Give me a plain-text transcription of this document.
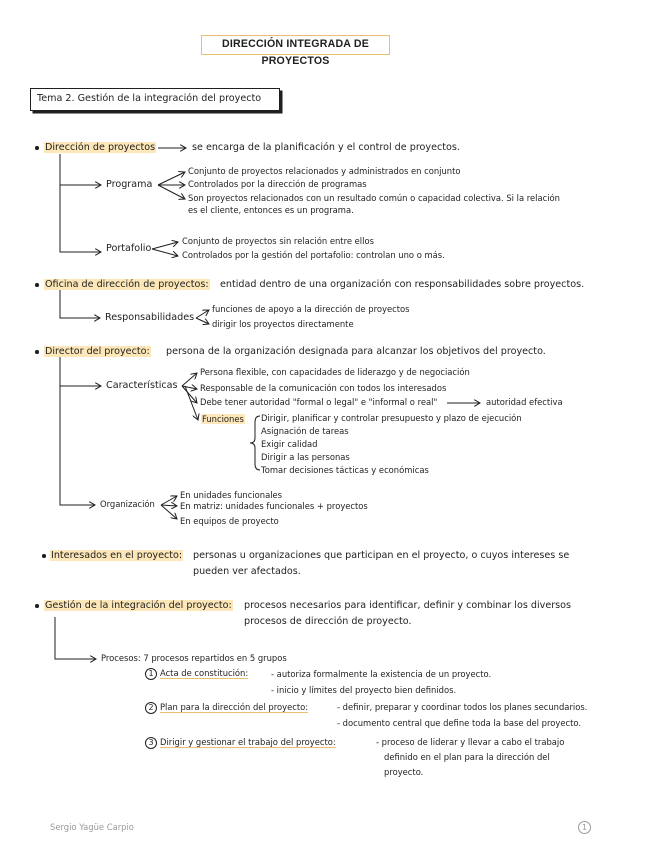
DIRECCIÓN INTEGRADA DE PROYECTOS
Tema 2. Gestión de la integración del proyecto
Dirección de proyectos	se encarga de la planificación y el control de proyectos.
Programa
Conjunto de proyectos relacionados y administrados en conjunto
Controlados por la dirección de programas
Son proyectos relacionados con un resultado común o capacidad colectiva. Si la relación
es el cliente, entonces es un programa.
Portafolio
Conjunto de proyectos sin relación entre ellos
Controlados por la gestión del portafolio: controlan uno o más.
Oficina de dirección de proyectos: entidad dentro de una organización con responsabilidades sobre proyectos.
Responsabilidades
funciones de apoyo a la dirección de proyectos
dirigir los proyectos directamente
Director del proyecto: persona de la organización designada para alcanzar los objetivos del proyecto.
Características
Persona flexible, con capacidades de liderazgo y de negociación
Responsable de la comunicación con todos los interesados
Debe tener autoridad "formal o legal" e "informal o real"	autoridad efectiva
Funciones Dirigir, planificar y controlar presupuesto y plazo de ejecución
Asignación de tareas
Exigir calidad
Dirigir a las personas
Tomar decisiones tácticas y económicas
Organización
En unidades funcionales
En matriz: unidades funcionales + proyectos
En equipos de proyecto
Interesados en el proyecto: personas u organizaciones que participan en el proyecto, o cuyos intereses se
pueden ver afectados.
Gestión de la integración del proyecto: procesos necesarios para identificar, definir y combinar los diversos
procesos de dirección de proyecto.
Procesos: 7 procesos repartidos en 5 grupos
1 Acta de constitución:	- autoriza formalmente la existencia de un proyecto.
- inicio y límites del proyecto bien definidos.
2 Plan para la dirección del proyecto:	- definir, preparar y coordinar todos los planes secundarios.
- documento central que define toda la base del proyecto.
3 Dirigir y gestionar el trabajo del proyecto:	- proceso de liderar y llevar a cabo el trabajo
definido en el plan para la dirección del
proyecto.
Sergio Yagüe Carpio	1
